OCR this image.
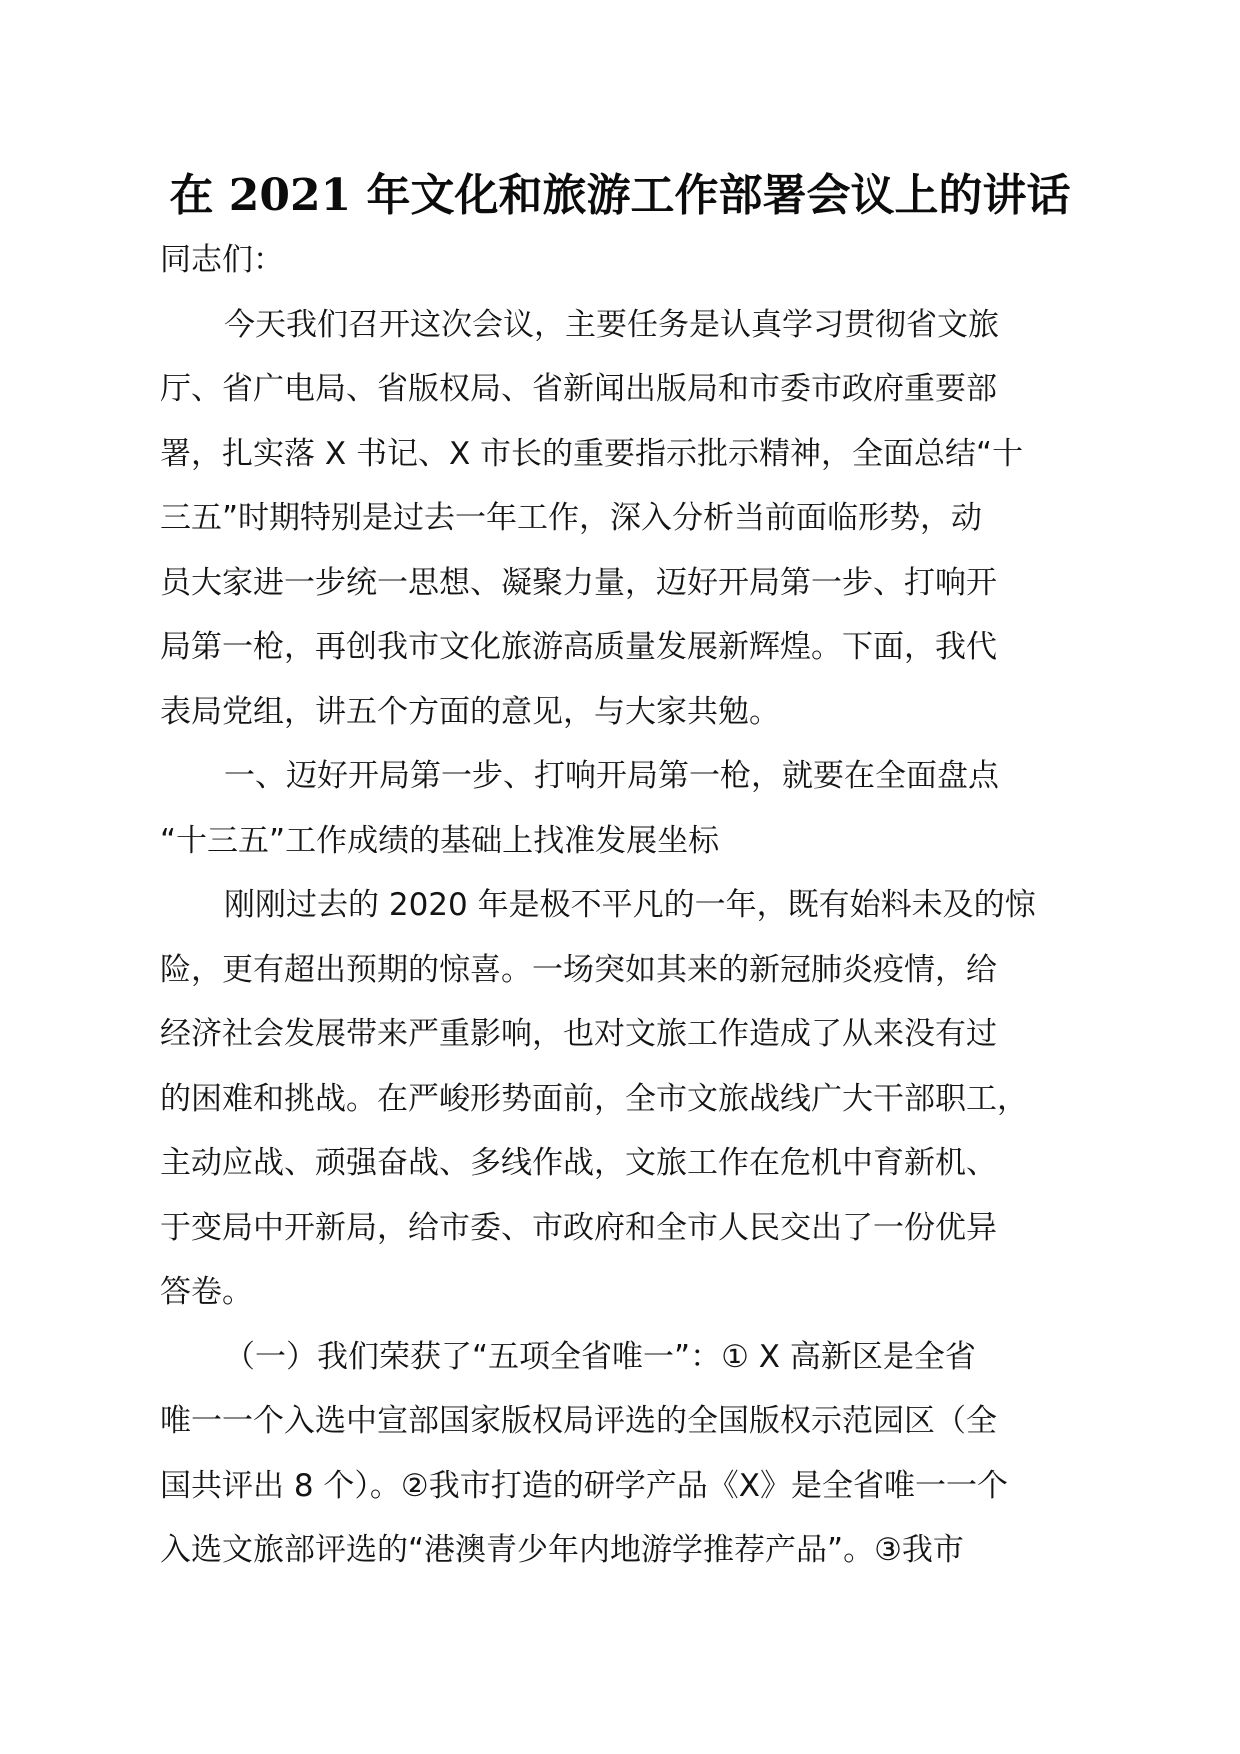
在 2021 年文化和旅游工作部署会议上的讲话
同志们：
今天我们召开这次会议，主要任务是认真学习贯彻省文旅
厅、省广电局、省版权局、省新闻出版局和市委市政府重要部
署，扎实落 X 书记、X 市长的重要指示批示精神，全面总结“十
三五”时期特别是过去一年工作，深入分析当前面临形势，动
员大家进一步统一思想、凝聚力量，迈好开局第一步、打响开
局第一枪，再创我市文化旅游高质量发展新辉煌。下面，我代
表局党组，讲五个方面的意见，与大家共勉。
一、迈好开局第一步、打响开局第一枪，就要在全面盘点
“十三五”工作成绩的基础上找准发展坐标
刚刚过去的 2020 年是极不平凡的一年，既有始料未及的惊
险，更有超出预期的惊喜。一场突如其来的新冠肺炎疫情，给
经济社会发展带来严重影响，也对文旅工作造成了从来没有过
的困难和挑战。在严峻形势面前，全市文旅战线广大干部职工，
主动应战、顽强奋战、多线作战，文旅工作在危机中育新机、
于变局中开新局，给市委、市政府和全市人民交出了一份优异
答卷。
（一）我们荣获了“五项全省唯一”：① X 高新区是全省
唯一一个入选中宣部国家版权局评选的全国版权示范园区（全
国共评出 8 个）。②我市打造的研学产品《X》是全省唯一一个
入选文旅部评选的“港澳青少年内地游学推荐产品”。③我市
